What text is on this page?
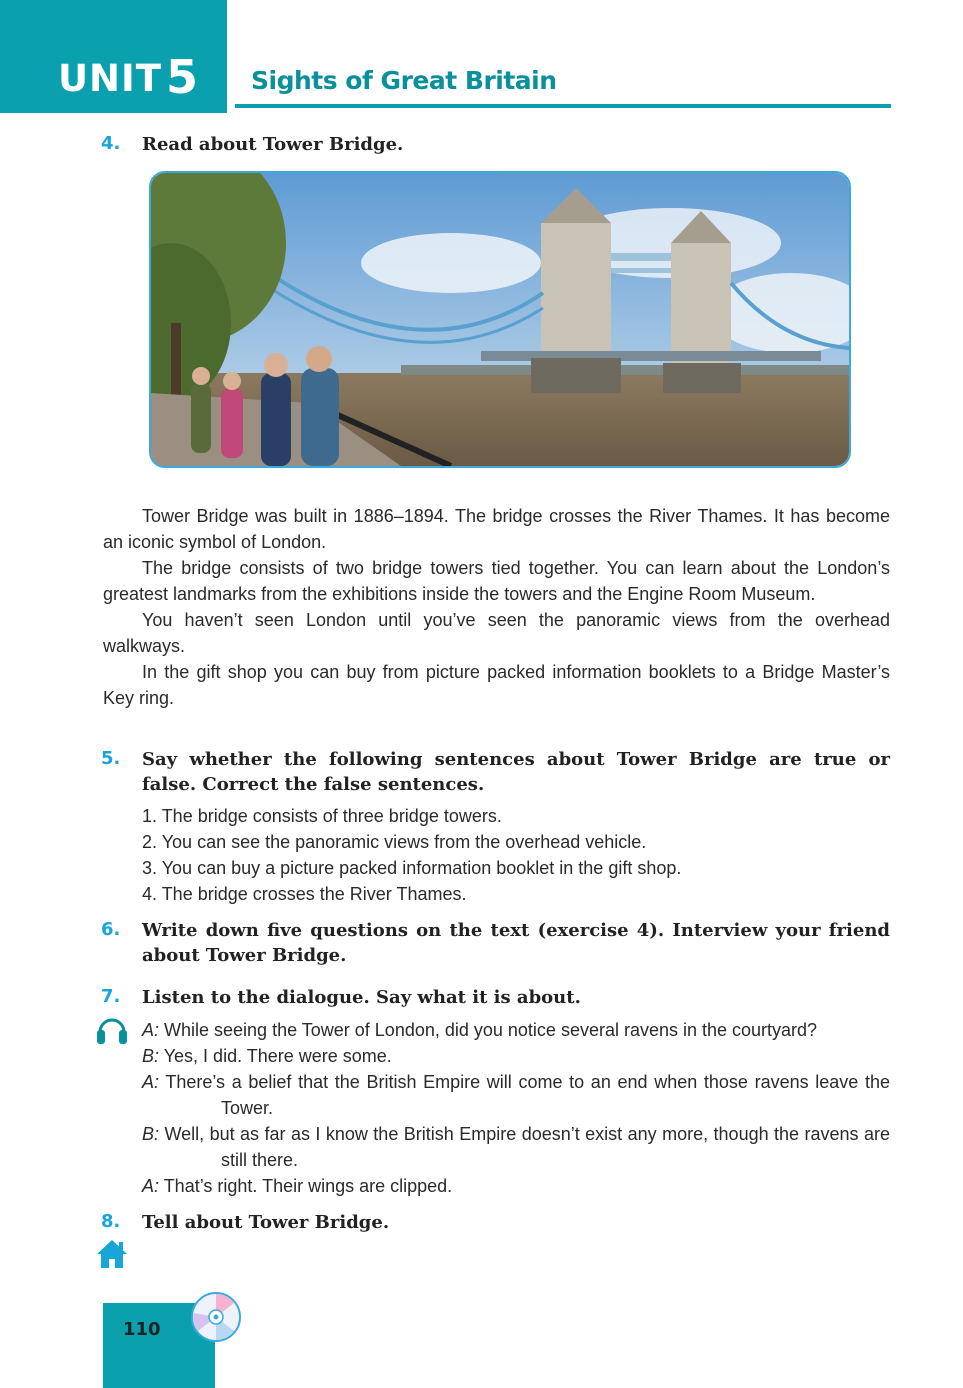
UNIT 5 Sights of Great Britain
4. Read about Tower Bridge.

Tower Bridge was built in 1886–1894. The bridge crosses the River Thames. It has become an iconic symbol of London.

The bridge consists of two bridge towers tied together. You can learn about the London’s greatest landmarks from the exhibitions inside the towers and the Engine Room Museum.

You haven’t seen London until you’ve seen the panoramic views from the overhead walkways.

In the gift shop you can buy from picture packed information booklets to a Bridge Master’s Key ring.

5. Say whether the following sentences about Tower Bridge are true or false. Correct the false sentences.
1. The bridge consists of three bridge towers.
2. You can see the panoramic views from the overhead vehicle.
3. You can buy a picture packed information booklet in the gift shop.
4. The bridge crosses the River Thames.
6. Write down five questions on the text (exercise 4). Interview your friend about Tower Bridge.
7. Listen to the dialogue. Say what it is about.

A: While seeing the Tower of London, did you notice several ravens in the courtyard?

B: Yes, I did. There were some.

A: There’s a belief that the British Empire will come to an end when those ravens leave the Tower.

B: Well, but as far as I know the British Empire doesn’t exist any more, though the ravens are still there.

A: That’s right. Their wings are clipped.

8. Tell about Tower Bridge.
110
